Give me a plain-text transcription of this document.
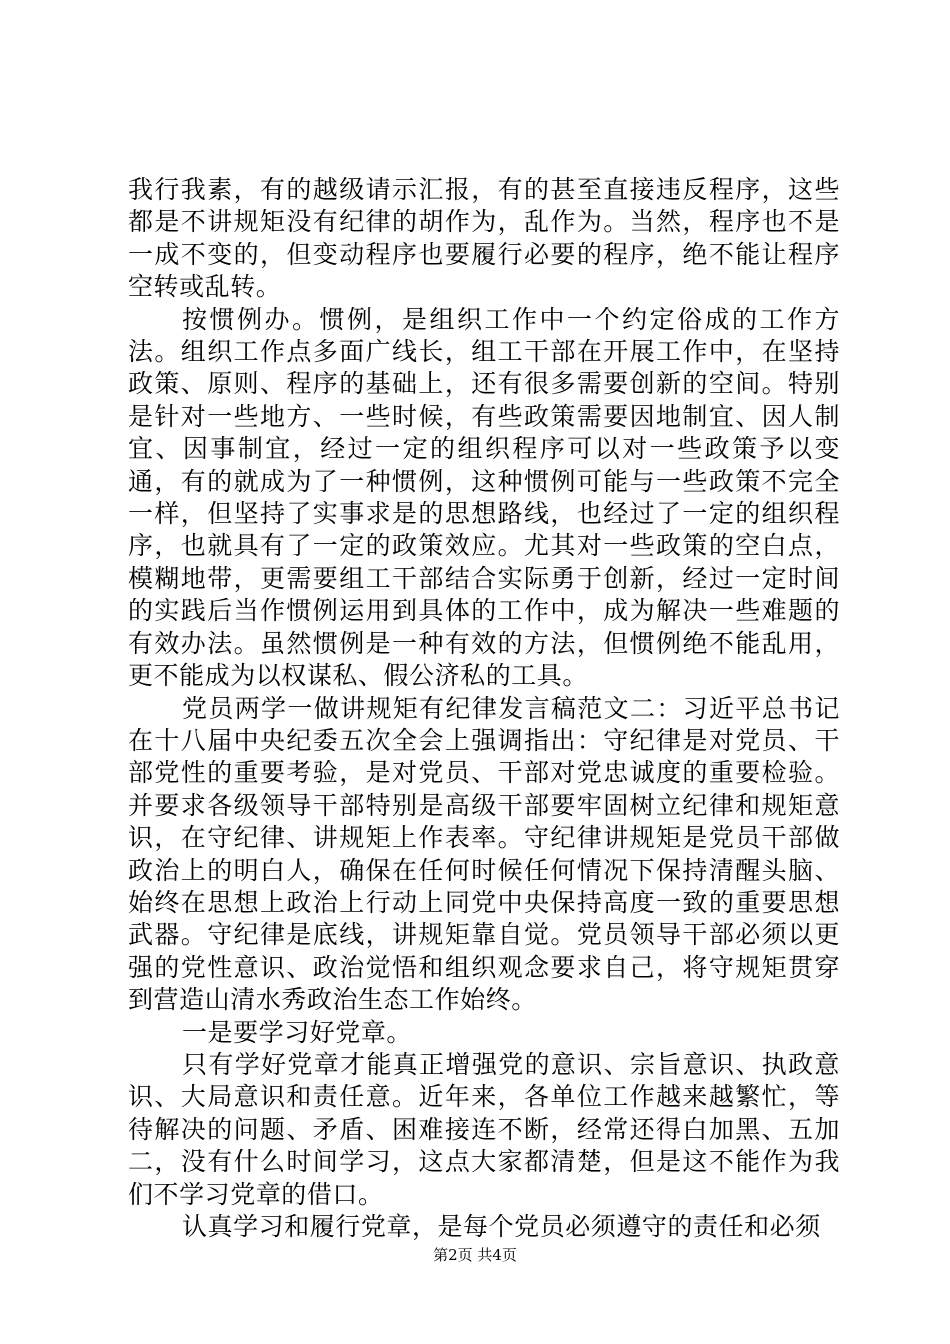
我行我素，有的越级请示汇报，有的甚至直接违反程序，这些都是不讲规矩没有纪律的胡作为，乱作为。当然，程序也不是一成不变的，但变动程序也要履行必要的程序，绝不能让程序空转或乱转。

按惯例办。惯例，是组织工作中一个约定俗成的工作方法。组织工作点多面广线长，组工干部在开展工作中，在坚持政策、原则、程序的基础上，还有很多需要创新的空间。特别是针对一些地方、一些时候，有些政策需要因地制宜、因人制宜、因事制宜，经过一定的组织程序可以对一些政策予以变通，有的就成为了一种惯例，这种惯例可能与一些政策不完全一样，但坚持了实事求是的思想路线，也经过了一定的组织程序，也就具有了一定的政策效应。尤其对一些政策的空白点，模糊地带，更需要组工干部结合实际勇于创新，经过一定时间的实践后当作惯例运用到具体的工作中，成为解决一些难题的有效办法。虽然惯例是一种有效的方法，但惯例绝不能乱用，更不能成为以权谋私、假公济私的工具。

党员两学一做讲规矩有纪律发言稿范文二：习近平总书记在十八届中央纪委五次全会上强调指出：守纪律是对党员、干部党性的重要考验，是对党员、干部对党忠诚度的重要检验。并要求各级领导干部特别是高级干部要牢固树立纪律和规矩意识，在守纪律、讲规矩上作表率。守纪律讲规矩是党员干部做政治上的明白人，确保在任何时候任何情况下保持清醒头脑、始终在思想上政治上行动上同党中央保持高度一致的重要思想武器。守纪律是底线，讲规矩靠自觉。党员领导干部必须以更强的党性意识、政治觉悟和组织观念要求自己，将守规矩贯穿到营造山清水秀政治生态工作始终。

一是要学习好党章。

只有学好党章才能真正增强党的意识、宗旨意识、执政意识、大局意识和责任意。近年来，各单位工作越来越繁忙，等待解决的问题、矛盾、困难接连不断，经常还得白加黑、五加二，没有什么时间学习，这点大家都清楚，但是这不能作为我们不学习党章的借口。

认真学习和履行党章，是每个党员必须遵守的责任和必须

第2页 共4页
